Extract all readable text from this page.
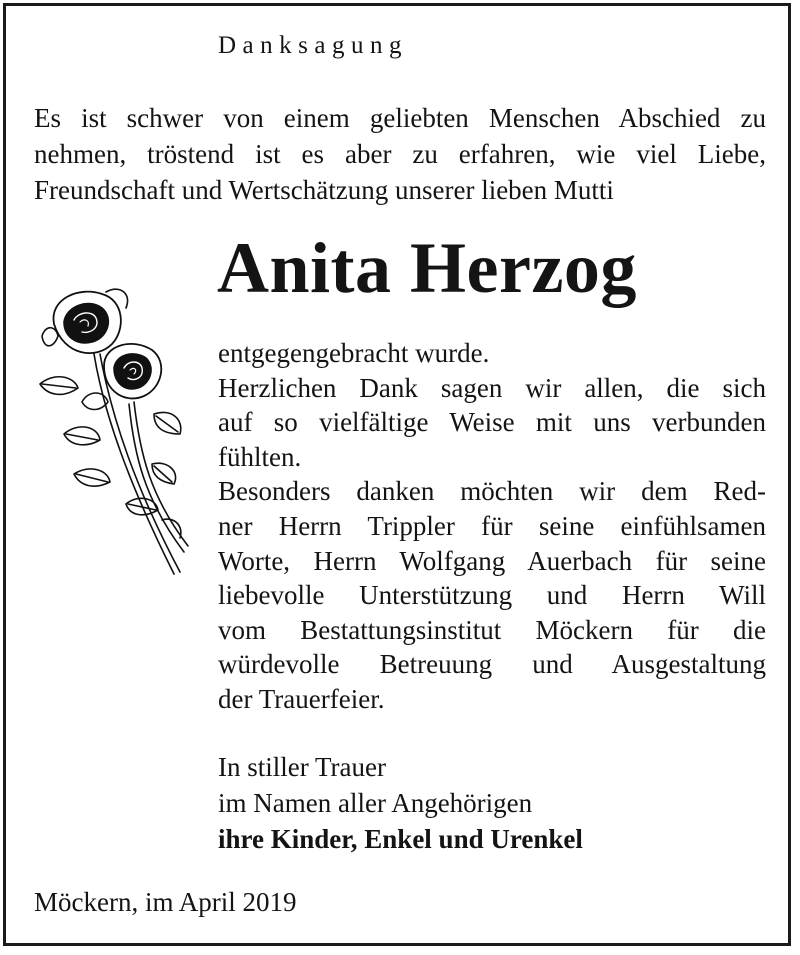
Danksagung

Es ist schwer von einem geliebten Menschen Abschied zu
nehmen, tröstend ist es aber zu erfahren, wie viel Liebe,
Freundschaft und Wertschätzung unserer lieben Mutti

Anita Herzog

entgegengebracht wurde.
Herzlichen Dank sagen wir allen, die sich
auf so vielfältige Weise mit uns verbunden
fühlten.
Besonders danken möchten wir dem Red-
ner Herrn Trippler für seine einfühlsamen
Worte, Herrn Wolfgang Auerbach für seine
liebevolle Unterstützung und Herrn Will
vom Bestattungsinstitut Möckern für die
würdevolle Betreuung und Ausgestaltung
der Trauerfeier.

In stiller Trauer
im Namen aller Angehörigen
ihre Kinder, Enkel und Urenkel

Möckern, im April 2019
